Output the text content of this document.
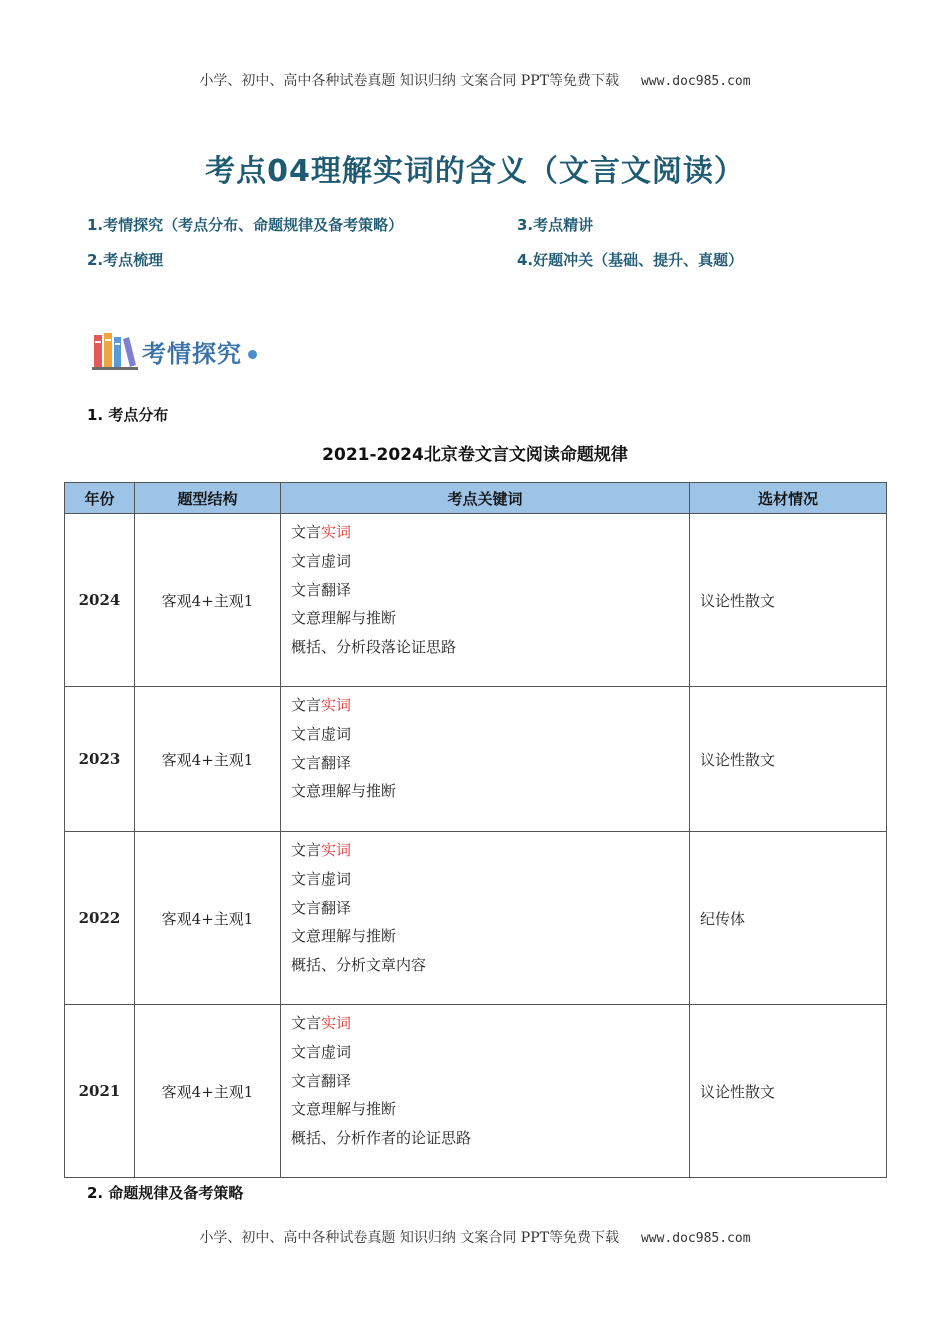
小学、初中、高中各种试卷真题 知识归纳 文案合同 PPT等免费下载 www.doc985.com
考点04理解实词的含义（文言文阅读）
1.考情探究（考点分布、命题规律及备考策略）
2.考点梳理
3.考点精讲
4.好题冲关（基础、提升、真题）
考情探究
1. 考点分布
2021-2024北京卷文言文阅读命题规律
年份	题型结构	考点关键词	选材情况
2024	客观4+主观1	文言实词
文言虚词
文言翻译
文意理解与推断
概括、分析段落论证思路	议论性散文
2023	客观4+主观1	文言实词
文言虚词
文言翻译
文意理解与推断	议论性散文
2022	客观4+主观1	文言实词
文言虚词
文言翻译
文意理解与推断
概括、分析文章内容	纪传体
2021	客观4+主观1	文言实词
文言虚词
文言翻译
文意理解与推断
概括、分析作者的论证思路	议论性散文
2. 命题规律及备考策略
小学、初中、高中各种试卷真题 知识归纳 文案合同 PPT等免费下载 www.doc985.com
